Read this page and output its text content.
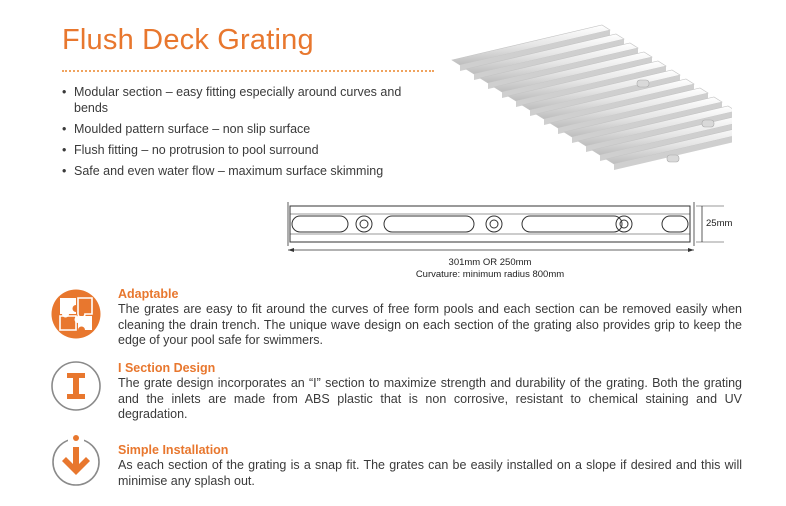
Flush Deck Grating
• Modular section – easy fitting especially around curves and bends
• Moulded pattern surface – non slip surface
• Flush fitting – no protrusion to pool surround
• Safe and even water flow – maximum surface skimming
25mm
301mm OR 250mm
Curvature: minimum radius 800mm
Adaptable

The grates are easy to fit around the curves of free form pools and each section can be removed easily when cleaning the drain trench. The unique wave design on each section of the grating also provides grip to keep the edge of your pool safe for swimmers.

I Section Design

The grate design incorporates an “I” section to maximize strength and durability of the grating. Both the grating and the inlets are made from ABS plastic that is non corrosive, resistant to chemical staining and UV degradation.

Simple Installation

As each section of the grating is a snap fit. The grates can be easily installed on a slope if desired and this will minimise any splash out.
